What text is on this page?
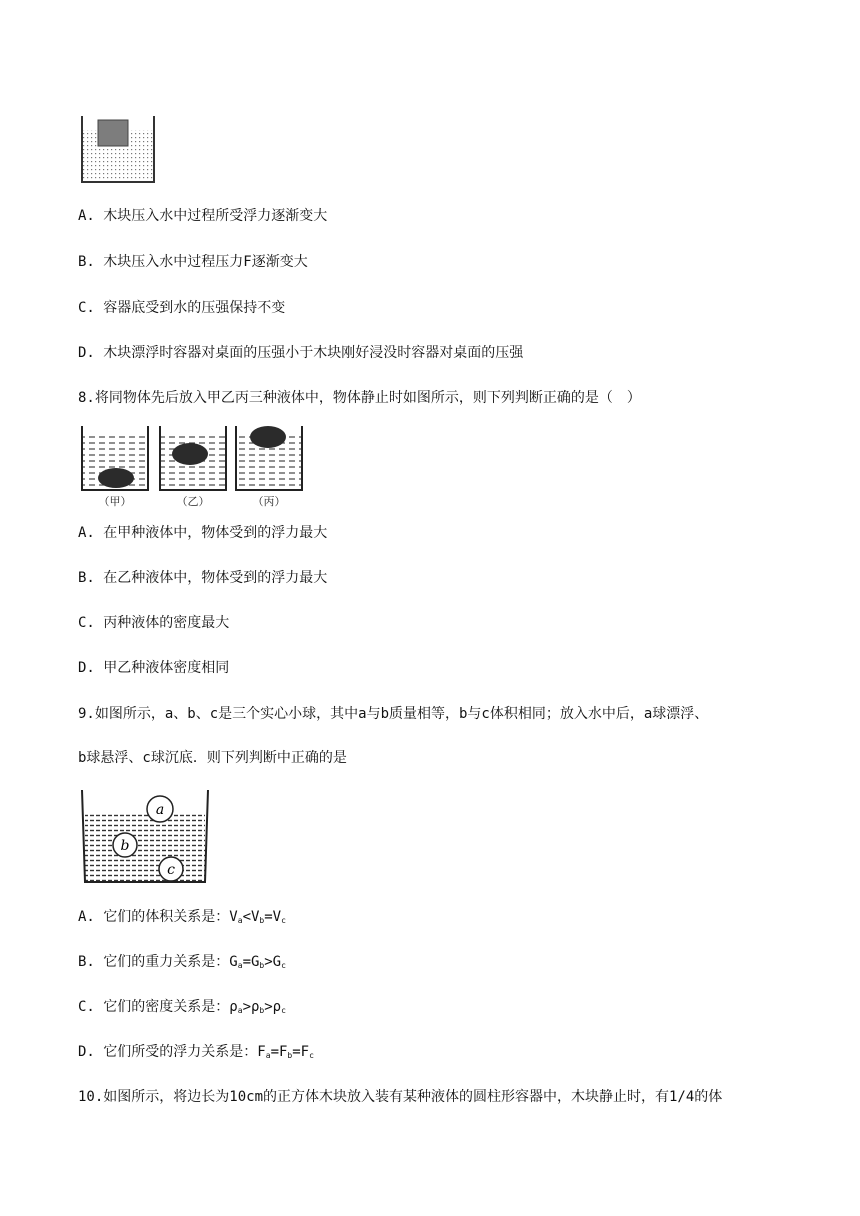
A. 木块压入水中过程所受浮力逐渐变大
B. 木块压入水中过程压力F逐渐变大
C. 容器底受到水的压强保持不变
D. 木块漂浮时容器对桌面的压强小于木块刚好浸没时容器对桌面的压强
8.将同物体先后放入甲乙丙三种液体中，物体静止时如图所示，则下列判断正确的是（　）
（甲）	（乙）	（丙）
A. 在甲种液体中，物体受到的浮力最大
B. 在乙种液体中，物体受到的浮力最大
C. 丙种液体的密度最大
D. 甲乙种液体密度相同
9.如图所示，a、b、c是三个实心小球，其中a与b质量相等，b与c体积相同；放入水中后，a球漂浮、
b球悬浮、c球沉底．则下列判断中正确的是
a
b
c
A. 它们的体积关系是：$V_a<V_b=V_c$
B. 它们的重力关系是：$G_a=G_b>G_c$
C. 它们的密度关系是：$\rho_a>\rho_b>\rho_c$
D. 它们所受的浮力关系是：$F_a=F_b=F_c$
10.如图所示，将边长为10cm的正方体木块放入装有某种液体的圆柱形容器中，木块静止时，有1/4的体
